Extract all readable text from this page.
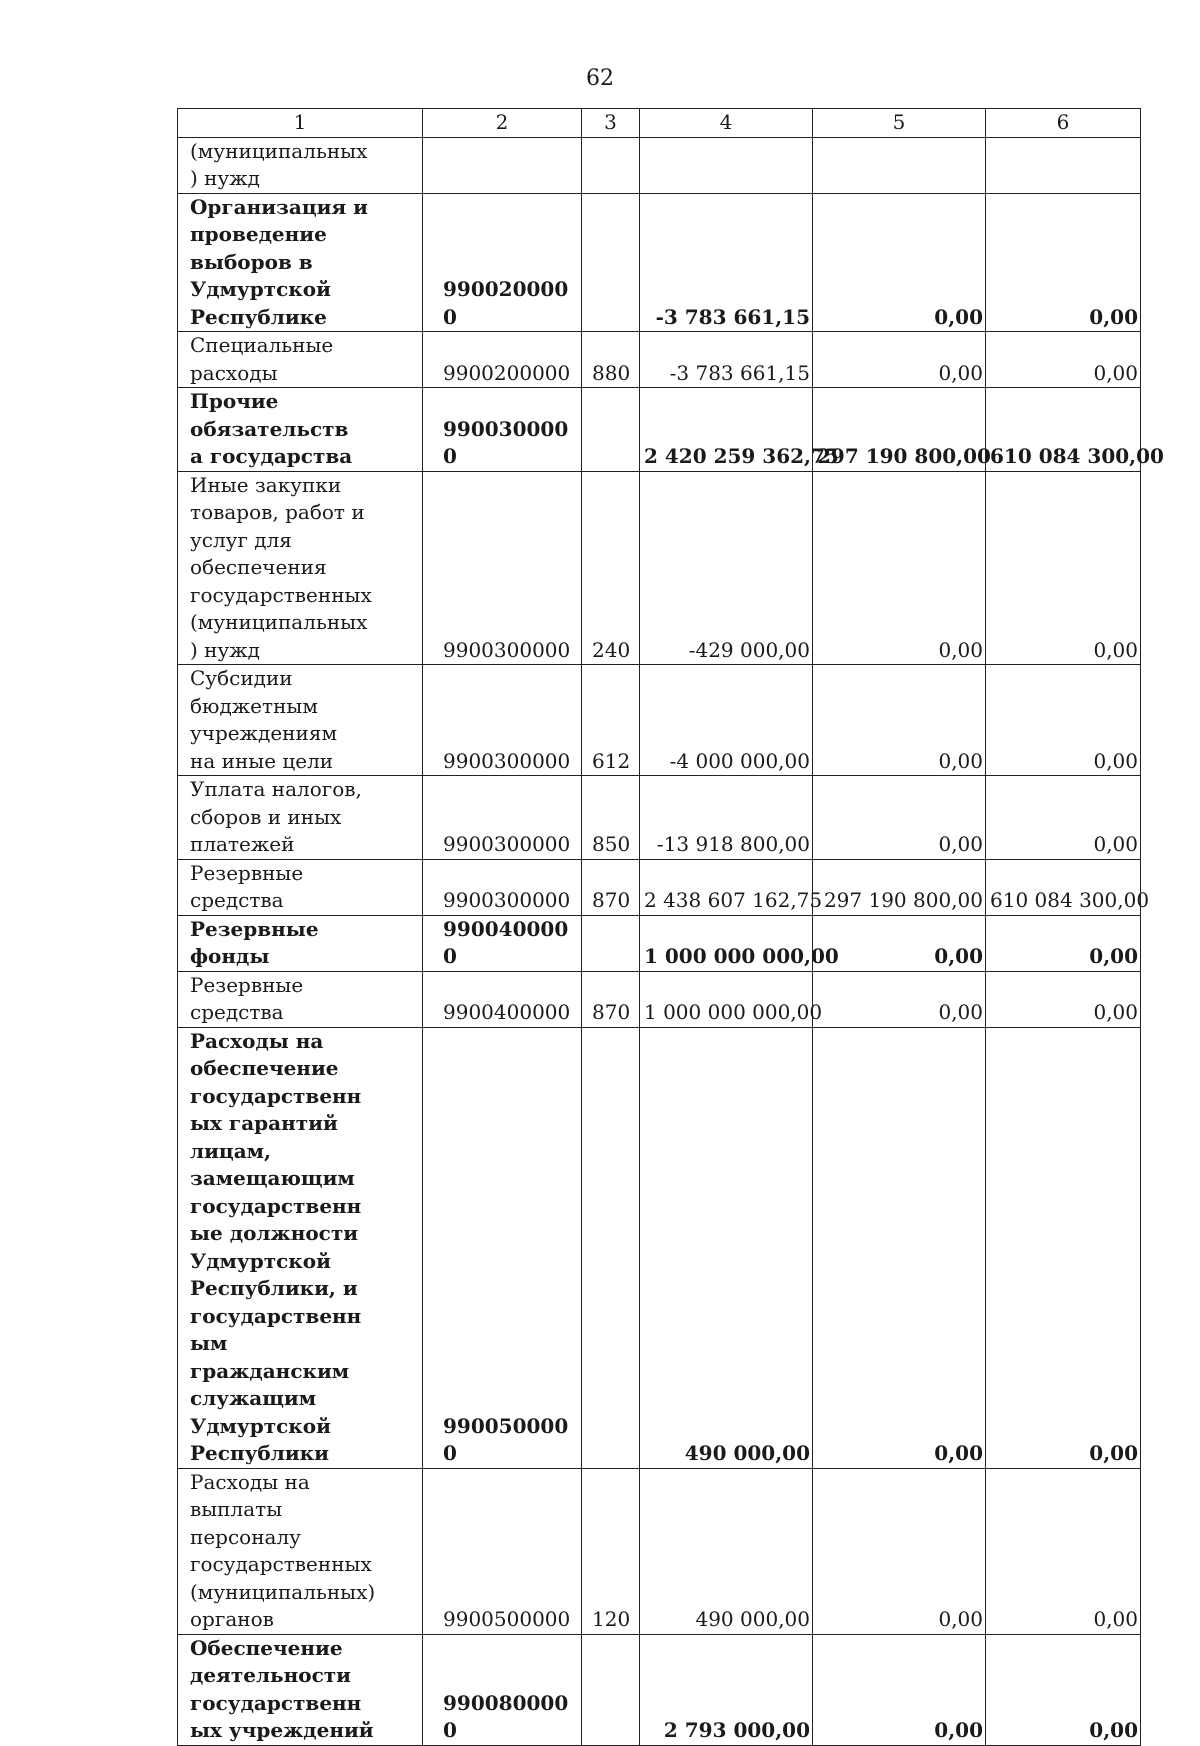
62
1	2	3	4	5	6

(муниципальных) нужд					

Организация и проведение выборов в Удмуртской Республике	9900200000		-3 783 661,15	0,00	0,00

Специальные расходы	9900200000	880	-3 783 661,15	0,00	0,00

Прочие обязательства государства	9900300000		2 420 259 362,75	297 190 800,00	610 084 300,00

Иные закупки товаров, работ и услуг для обеспечения государственных (муниципальных) нужд	9900300000	240	-429 000,00	0,00	0,00

Субсидии бюджетным учреждениям на иные цели	9900300000	612	-4 000 000,00	0,00	0,00

Уплата налогов, сборов и иных платежей	9900300000	850	-13 918 800,00	0,00	0,00

Резервные средства	9900300000	870	2 438 607 162,75	297 190 800,00	610 084 300,00

Резервные фонды	9900400000		1 000 000 000,00	0,00	0,00

Резервные средства	9900400000	870	1 000 000 000,00	0,00	0,00

Расходы на обеспечение государственных гарантий лицам, замещающим государственные должности Удмуртской Республики, и государственным гражданским служащим Удмуртской Республики	9900500000		490 000,00	0,00	0,00

Расходы на выплаты персоналу государственных (муниципальных) органов	9900500000	120	490 000,00	0,00	0,00

Обеспечение деятельности государственных учреждений	9900800000		2 793 000,00	0,00	0,00
